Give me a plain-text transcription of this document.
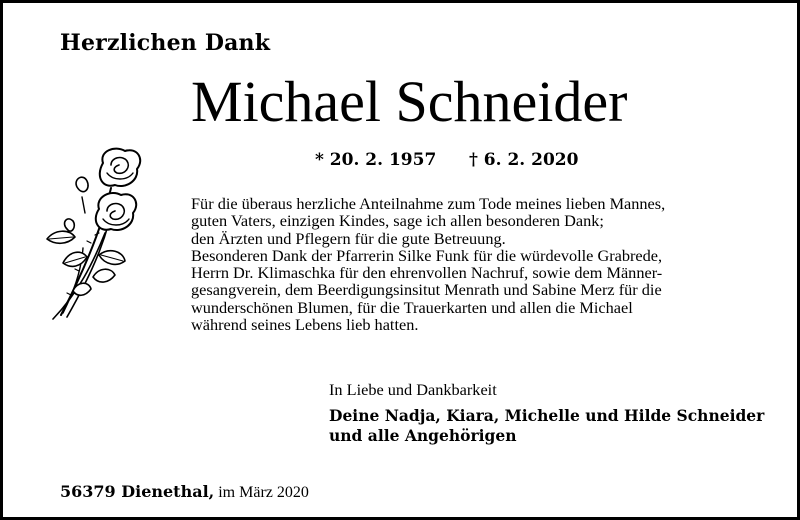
Herzlichen Dank
Michael Schneider
* 20. 2. 1957 † 6. 2. 2020
Für die überaus herzliche Anteilnahme zum Tode meines lieben Mannes,
guten Vaters, einzigen Kindes, sage ich allen besonderen Dank;
den Ärzten und Pflegern für die gute Betreuung.
Besonderen Dank der Pfarrerin Silke Funk für die würdevolle Grabrede,
Herrn Dr. Klimaschka für den ehrenvollen Nachruf, sowie dem Männer-
gesangverein, dem Beerdigungsinsitut Menrath und Sabine Merz für die
wunderschönen Blumen, für die Trauerkarten und allen die Michael
während seines Lebens lieb hatten.
In Liebe und Dankbarkeit
Deine Nadja, Kiara, Michelle und Hilde Schneider
und alle Angehörigen
56379 Dienethal, im März 2020
